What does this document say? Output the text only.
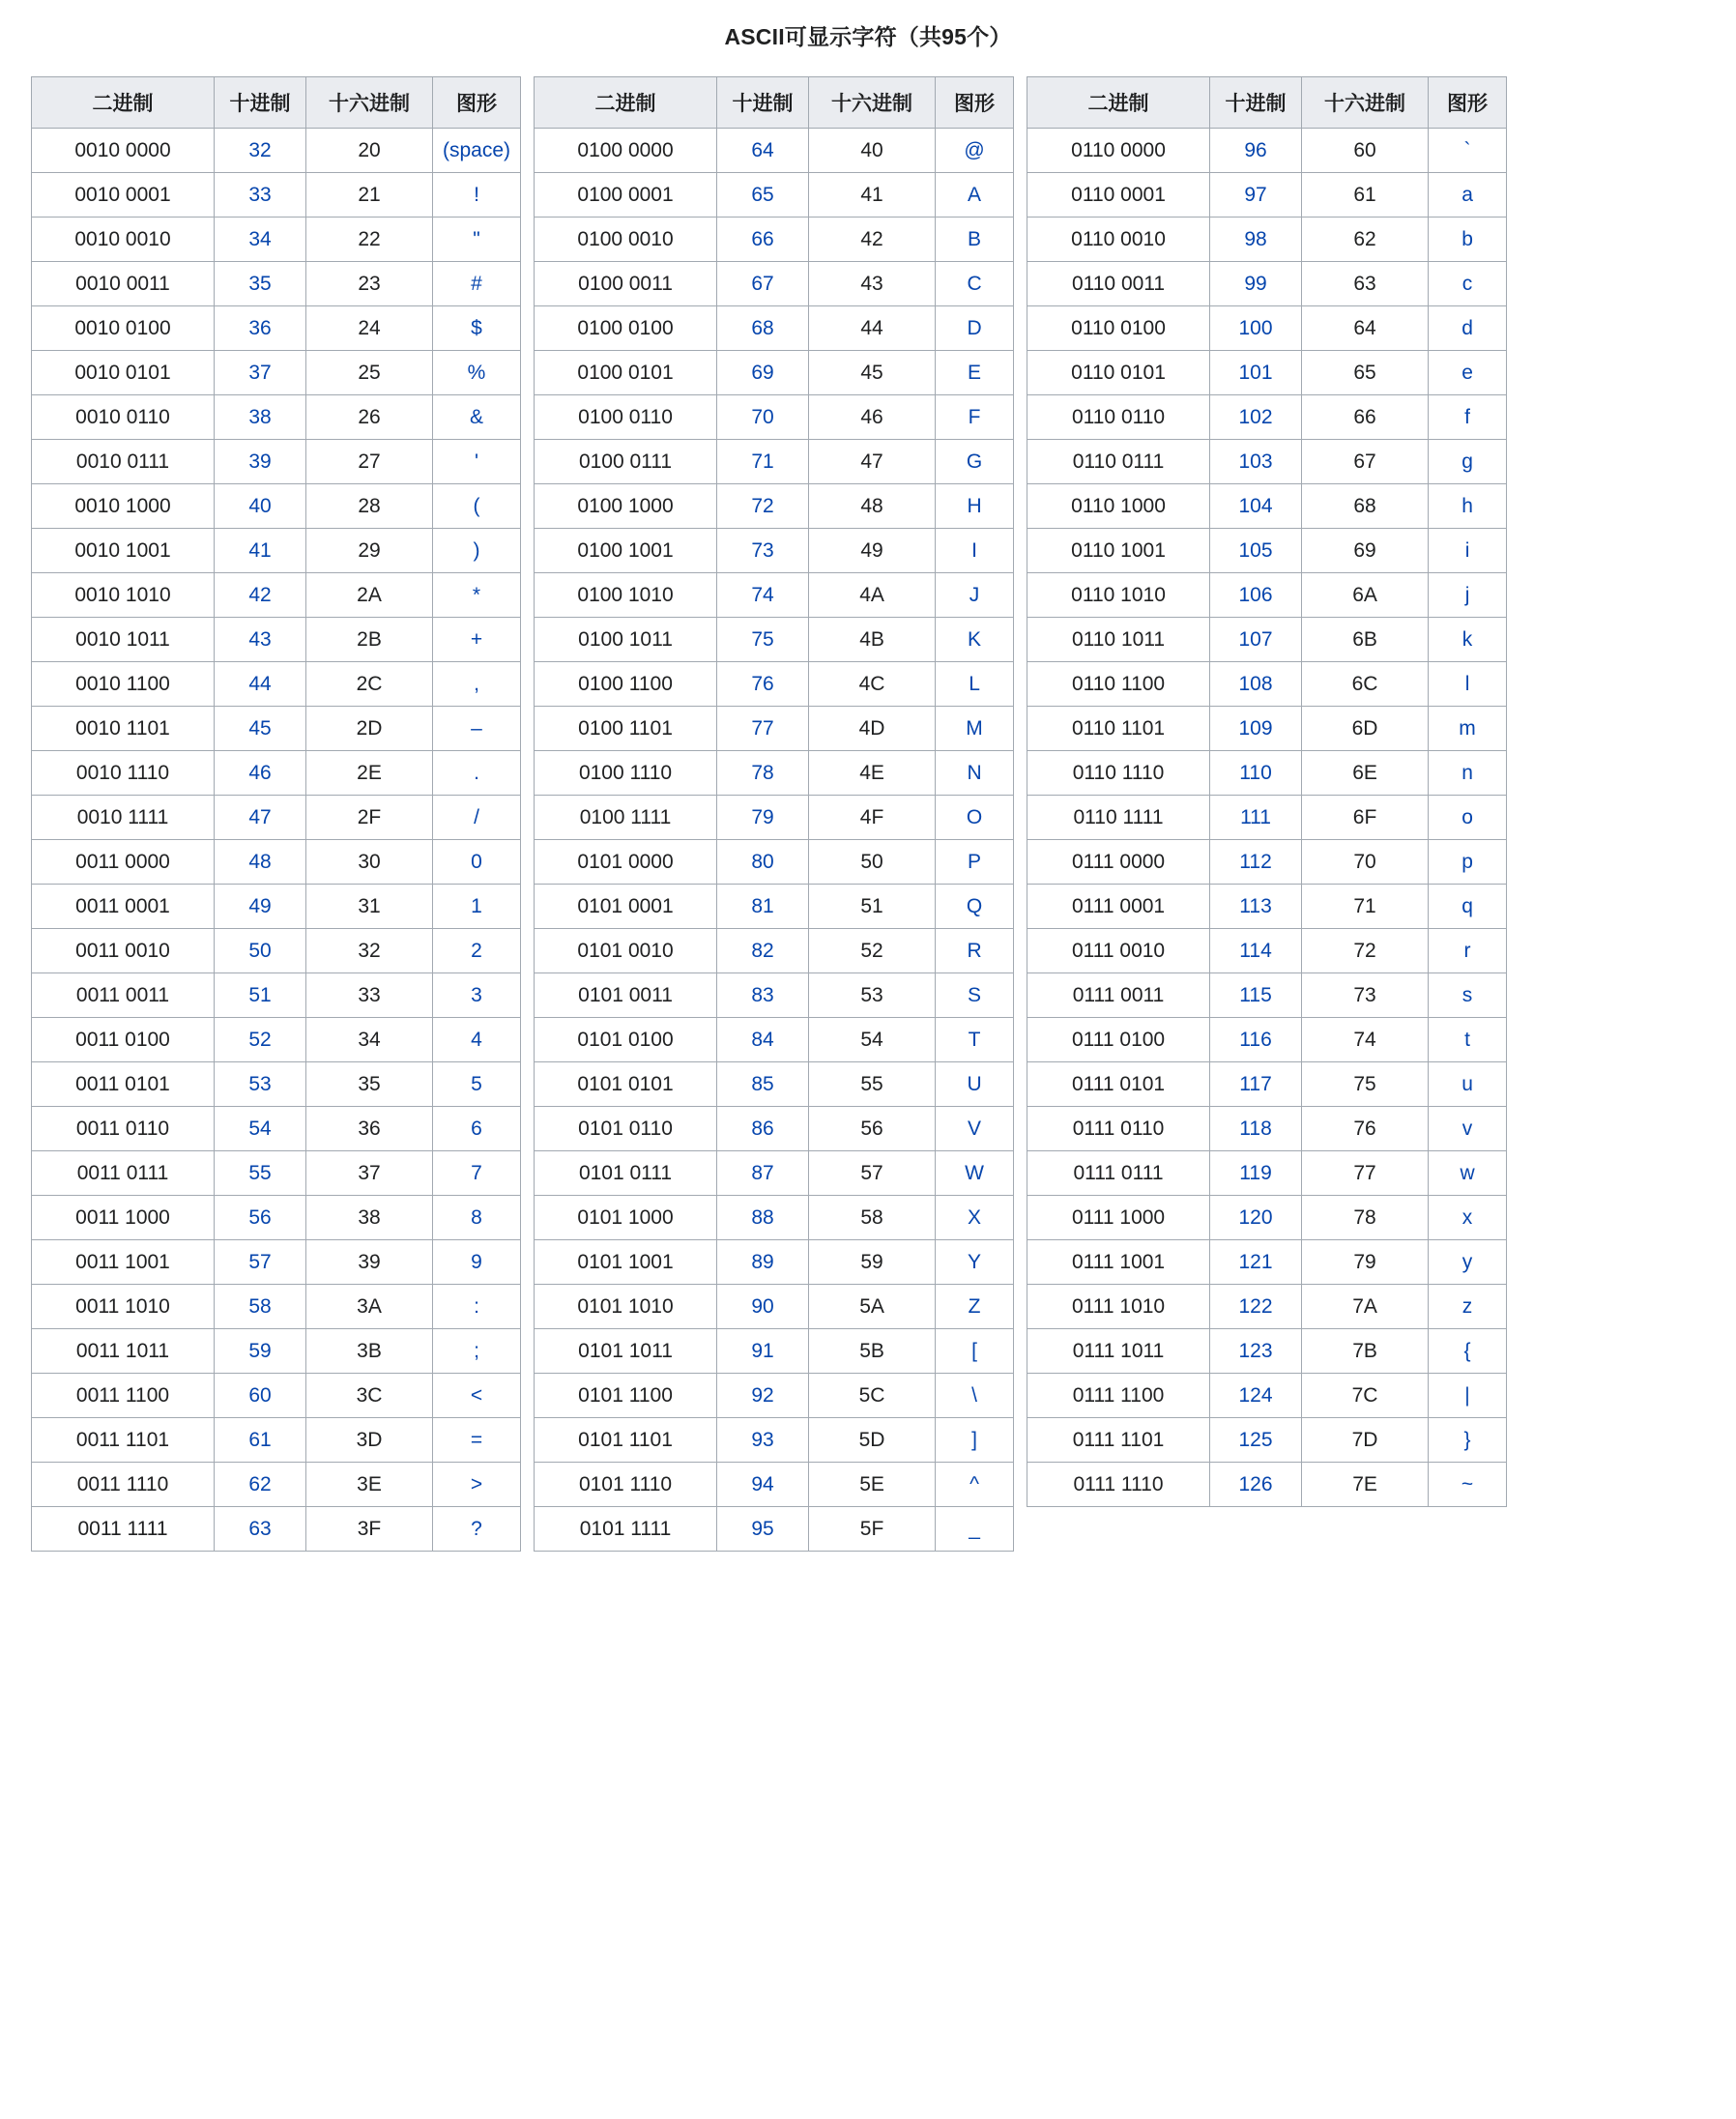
ASCII可显示字符（共95个）
二进制	十进制	十六进制	图形
0010 0000	32	20	(space)
0010 0001	33	21	!
0010 0010	34	22	"
0010 0011	35	23	#
0010 0100	36	24	$
0010 0101	37	25	%
0010 0110	38	26	&
0010 0111	39	27	'
0010 1000	40	28	(
0010 1001	41	29	)
0010 1010	42	2A	*
0010 1011	43	2B	+
0010 1100	44	2C	,
0010 1101	45	2D	–
0010 1110	46	2E	.
0010 1111	47	2F	/
0011 0000	48	30	0
0011 0001	49	31	1
0011 0010	50	32	2
0011 0011	51	33	3
0011 0100	52	34	4
0011 0101	53	35	5
0011 0110	54	36	6
0011 0111	55	37	7
0011 1000	56	38	8
0011 1001	57	39	9
0011 1010	58	3A	:
0011 1011	59	3B	;
0011 1100	60	3C	<
0011 1101	61	3D	=
0011 1110	62	3E	>
0011 1111	63	3F	?
二进制	十进制	十六进制	图形
0100 0000	64	40	@
0100 0001	65	41	A
0100 0010	66	42	B
0100 0011	67	43	C
0100 0100	68	44	D
0100 0101	69	45	E
0100 0110	70	46	F
0100 0111	71	47	G
0100 1000	72	48	H
0100 1001	73	49	I
0100 1010	74	4A	J
0100 1011	75	4B	K
0100 1100	76	4C	L
0100 1101	77	4D	M
0100 1110	78	4E	N
0100 1111	79	4F	O
0101 0000	80	50	P
0101 0001	81	51	Q
0101 0010	82	52	R
0101 0011	83	53	S
0101 0100	84	54	T
0101 0101	85	55	U
0101 0110	86	56	V
0101 0111	87	57	W
0101 1000	88	58	X
0101 1001	89	59	Y
0101 1010	90	5A	Z
0101 1011	91	5B	[
0101 1100	92	5C	\
0101 1101	93	5D	]
0101 1110	94	5E	^
0101 1111	95	5F	_
二进制	十进制	十六进制	图形
0110 0000	96	60	`
0110 0001	97	61	a
0110 0010	98	62	b
0110 0011	99	63	c
0110 0100	100	64	d
0110 0101	101	65	e
0110 0110	102	66	f
0110 0111	103	67	g
0110 1000	104	68	h
0110 1001	105	69	i
0110 1010	106	6A	j
0110 1011	107	6B	k
0110 1100	108	6C	l
0110 1101	109	6D	m
0110 1110	110	6E	n
0110 1111	111	6F	o
0111 0000	112	70	p
0111 0001	113	71	q
0111 0010	114	72	r
0111 0011	115	73	s
0111 0100	116	74	t
0111 0101	117	75	u
0111 0110	118	76	v
0111 0111	119	77	w
0111 1000	120	78	x
0111 1001	121	79	y
0111 1010	122	7A	z
0111 1011	123	7B	{
0111 1100	124	7C	|
0111 1101	125	7D	}
0111 1110	126	7E	~
